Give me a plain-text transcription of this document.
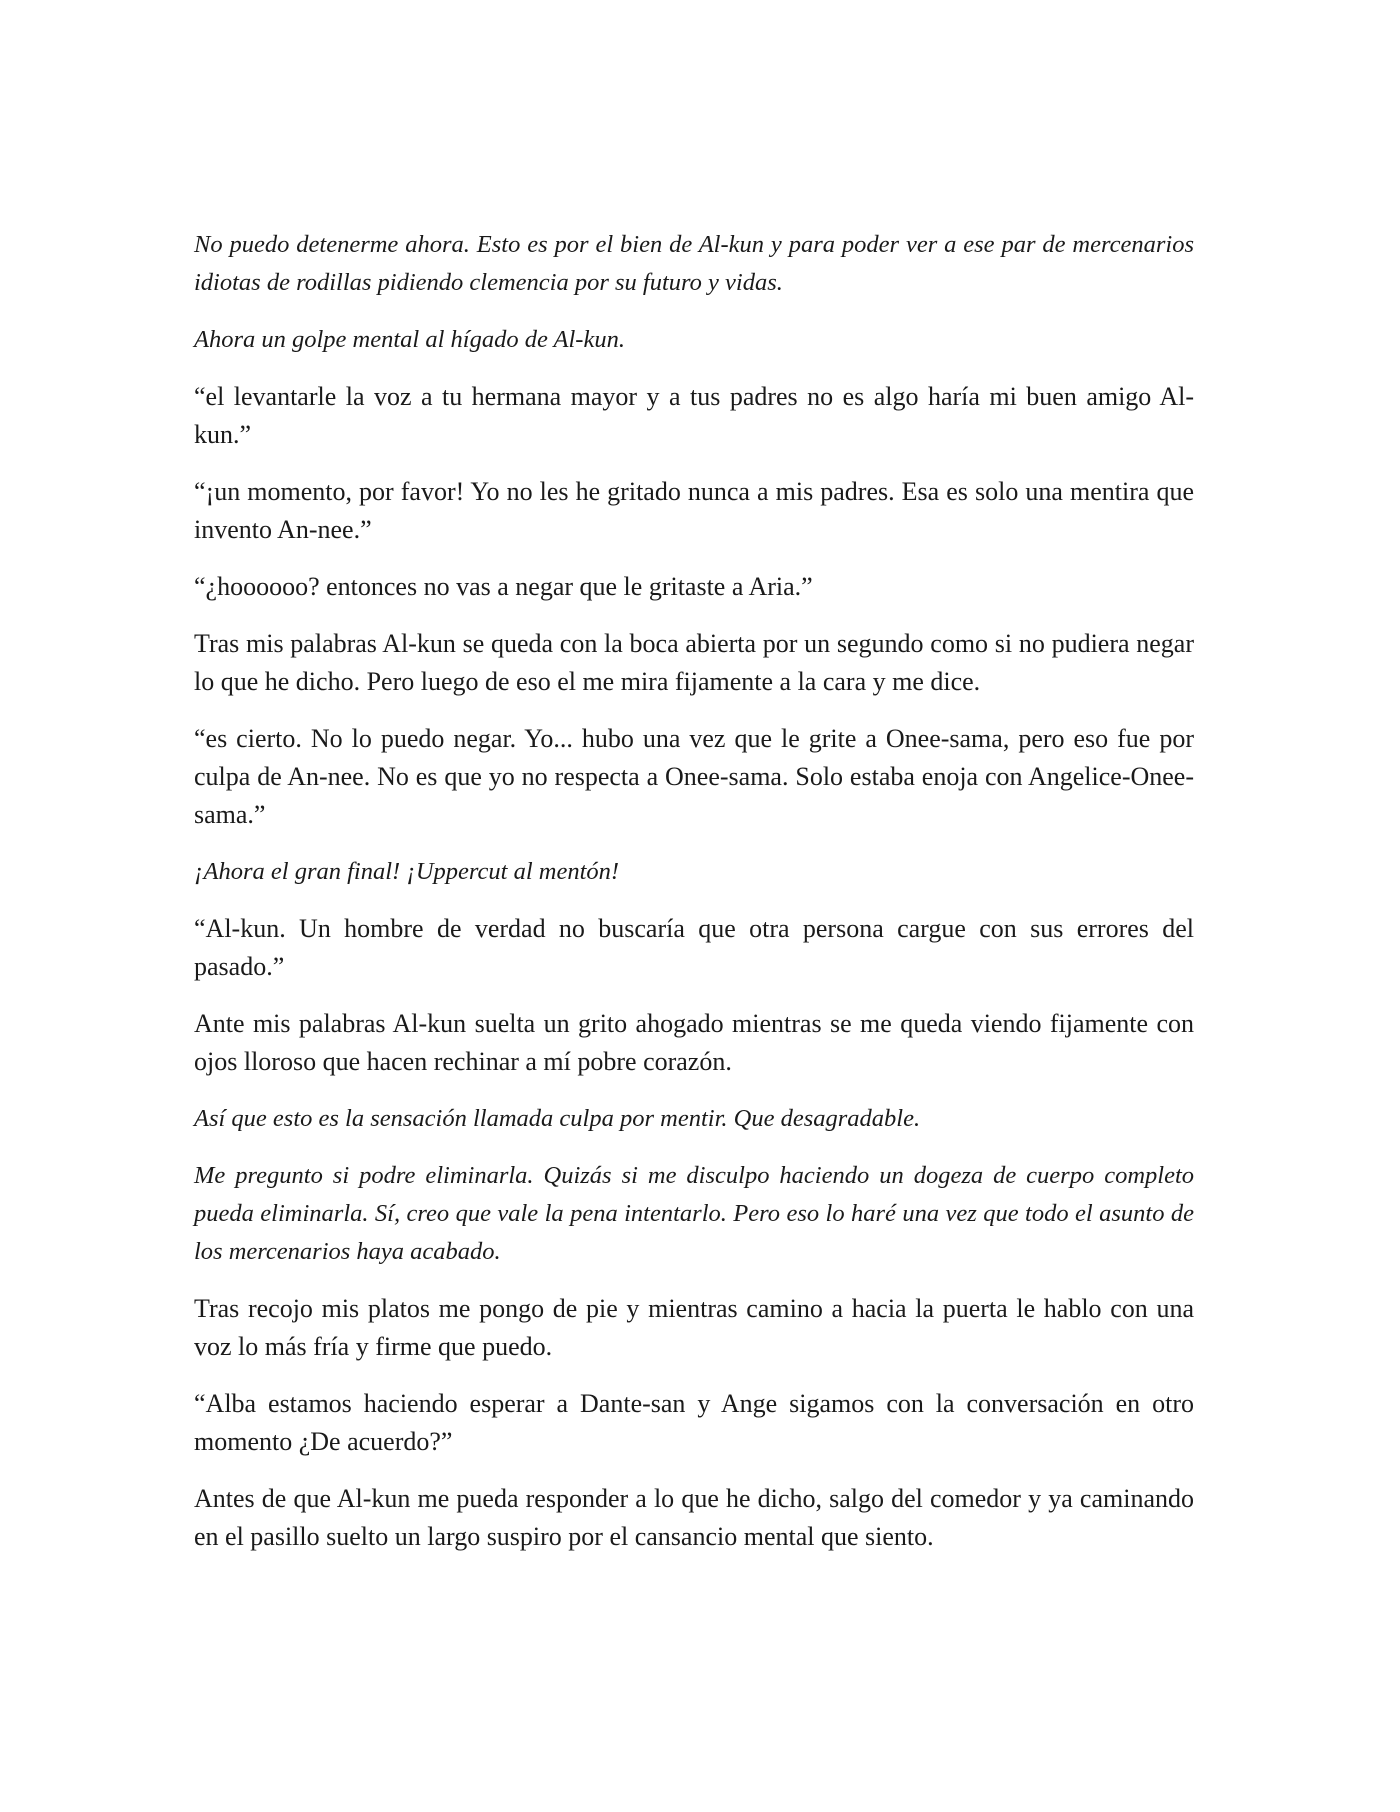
No puedo detenerme ahora. Esto es por el bien de Al-kun y para poder ver a ese par de mercenarios idiotas de rodillas pidiendo clemencia por su futuro y vidas.

Ahora un golpe mental al hígado de Al-kun.

“el levantarle la voz a tu hermana mayor y a tus padres no es algo haría mi buen amigo Al-kun.”

“¡un momento, por favor! Yo no les he gritado nunca a mis padres. Esa es solo una mentira que invento An-nee.”

“¿hoooooo? entonces no vas a negar que le gritaste a Aria.”

Tras mis palabras Al-kun se queda con la boca abierta por un segundo como si no pudiera negar lo que he dicho. Pero luego de eso el me mira fijamente a la cara y me dice.

“es cierto. No lo puedo negar. Yo... hubo una vez que le grite a Onee-sama, pero eso fue por culpa de An-nee. No es que yo no respecta a Onee-sama. Solo estaba enoja con Angelice-Onee-sama.”

¡Ahora el gran final! ¡Uppercut al mentón!

“Al-kun. Un hombre de verdad no buscaría que otra persona cargue con sus errores del pasado.”

Ante mis palabras Al-kun suelta un grito ahogado mientras se me queda viendo fijamente con ojos lloroso que hacen rechinar a mí pobre corazón.

Así que esto es la sensación llamada culpa por mentir. Que desagradable.

Me pregunto si podre eliminarla. Quizás si me disculpo haciendo un dogeza de cuerpo completo pueda eliminarla. Sí, creo que vale la pena intentarlo. Pero eso lo haré una vez que todo el asunto de los mercenarios haya acabado.

Tras recojo mis platos me pongo de pie y mientras camino a hacia la puerta le hablo con una voz lo más fría y firme que puedo.

“Alba estamos haciendo esperar a Dante-san y Ange sigamos con la conversación en otro momento ¿De acuerdo?”

Antes de que Al-kun me pueda responder a lo que he dicho, salgo del comedor y ya caminando en el pasillo suelto un largo suspiro por el cansancio mental que siento.
